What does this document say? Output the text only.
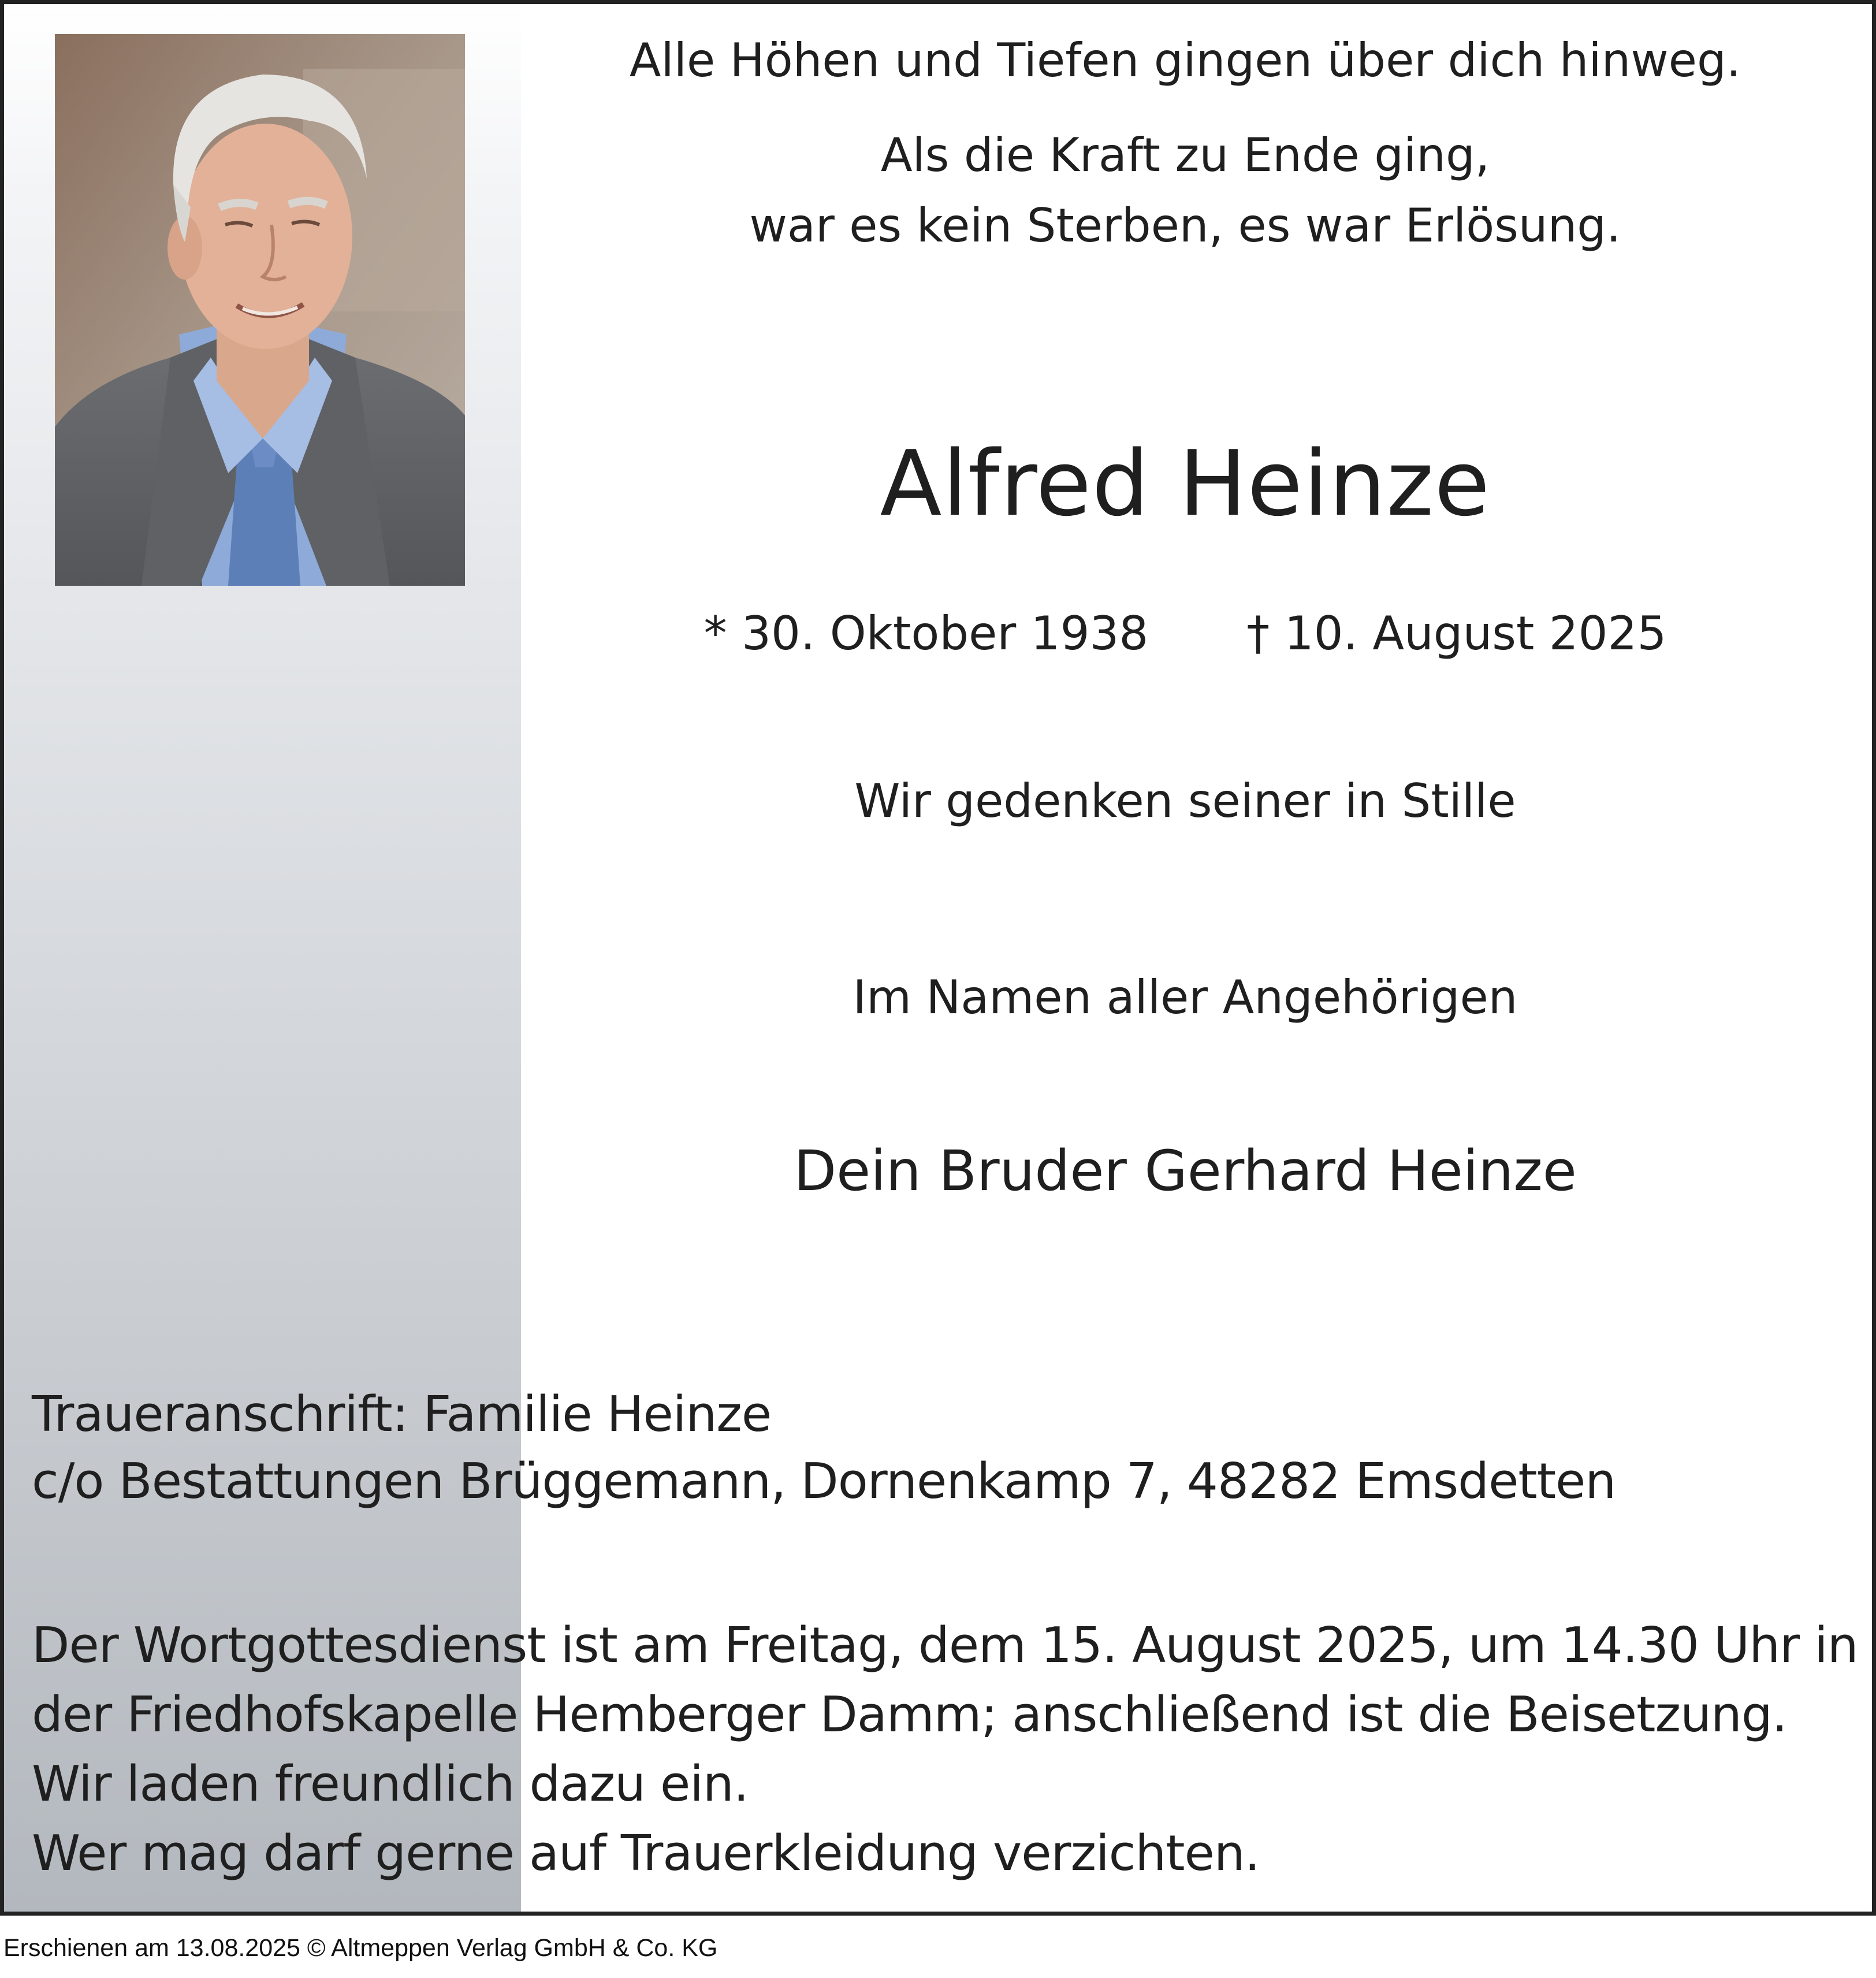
Alle Höhen und Tiefen gingen über dich hinweg.

Als die Kraft zu Ende ging,

war es kein Sterben, es war Erlösung.

Alfred Heinze
* 30. Oktober 1938 † 10. August 2025

Wir gedenken seiner in Stille

Im Namen aller Angehörigen

Dein Bruder Gerhard Heinze

Traueranschrift: Familie Heinze
c/o Bestattungen Brüggemann, Dornenkamp 7, 48282 Emsdetten
Der Wortgottesdienst ist am Freitag, dem 15. August 2025, um 14.30 Uhr in
der Friedhofskapelle Hemberger Damm; anschließend ist die Beisetzung.
Wir laden freundlich dazu ein.
Wer mag darf gerne auf Trauerkleidung verzichten.
Erschienen am 13.08.2025 © Altmeppen Verlag GmbH & Co. KG
